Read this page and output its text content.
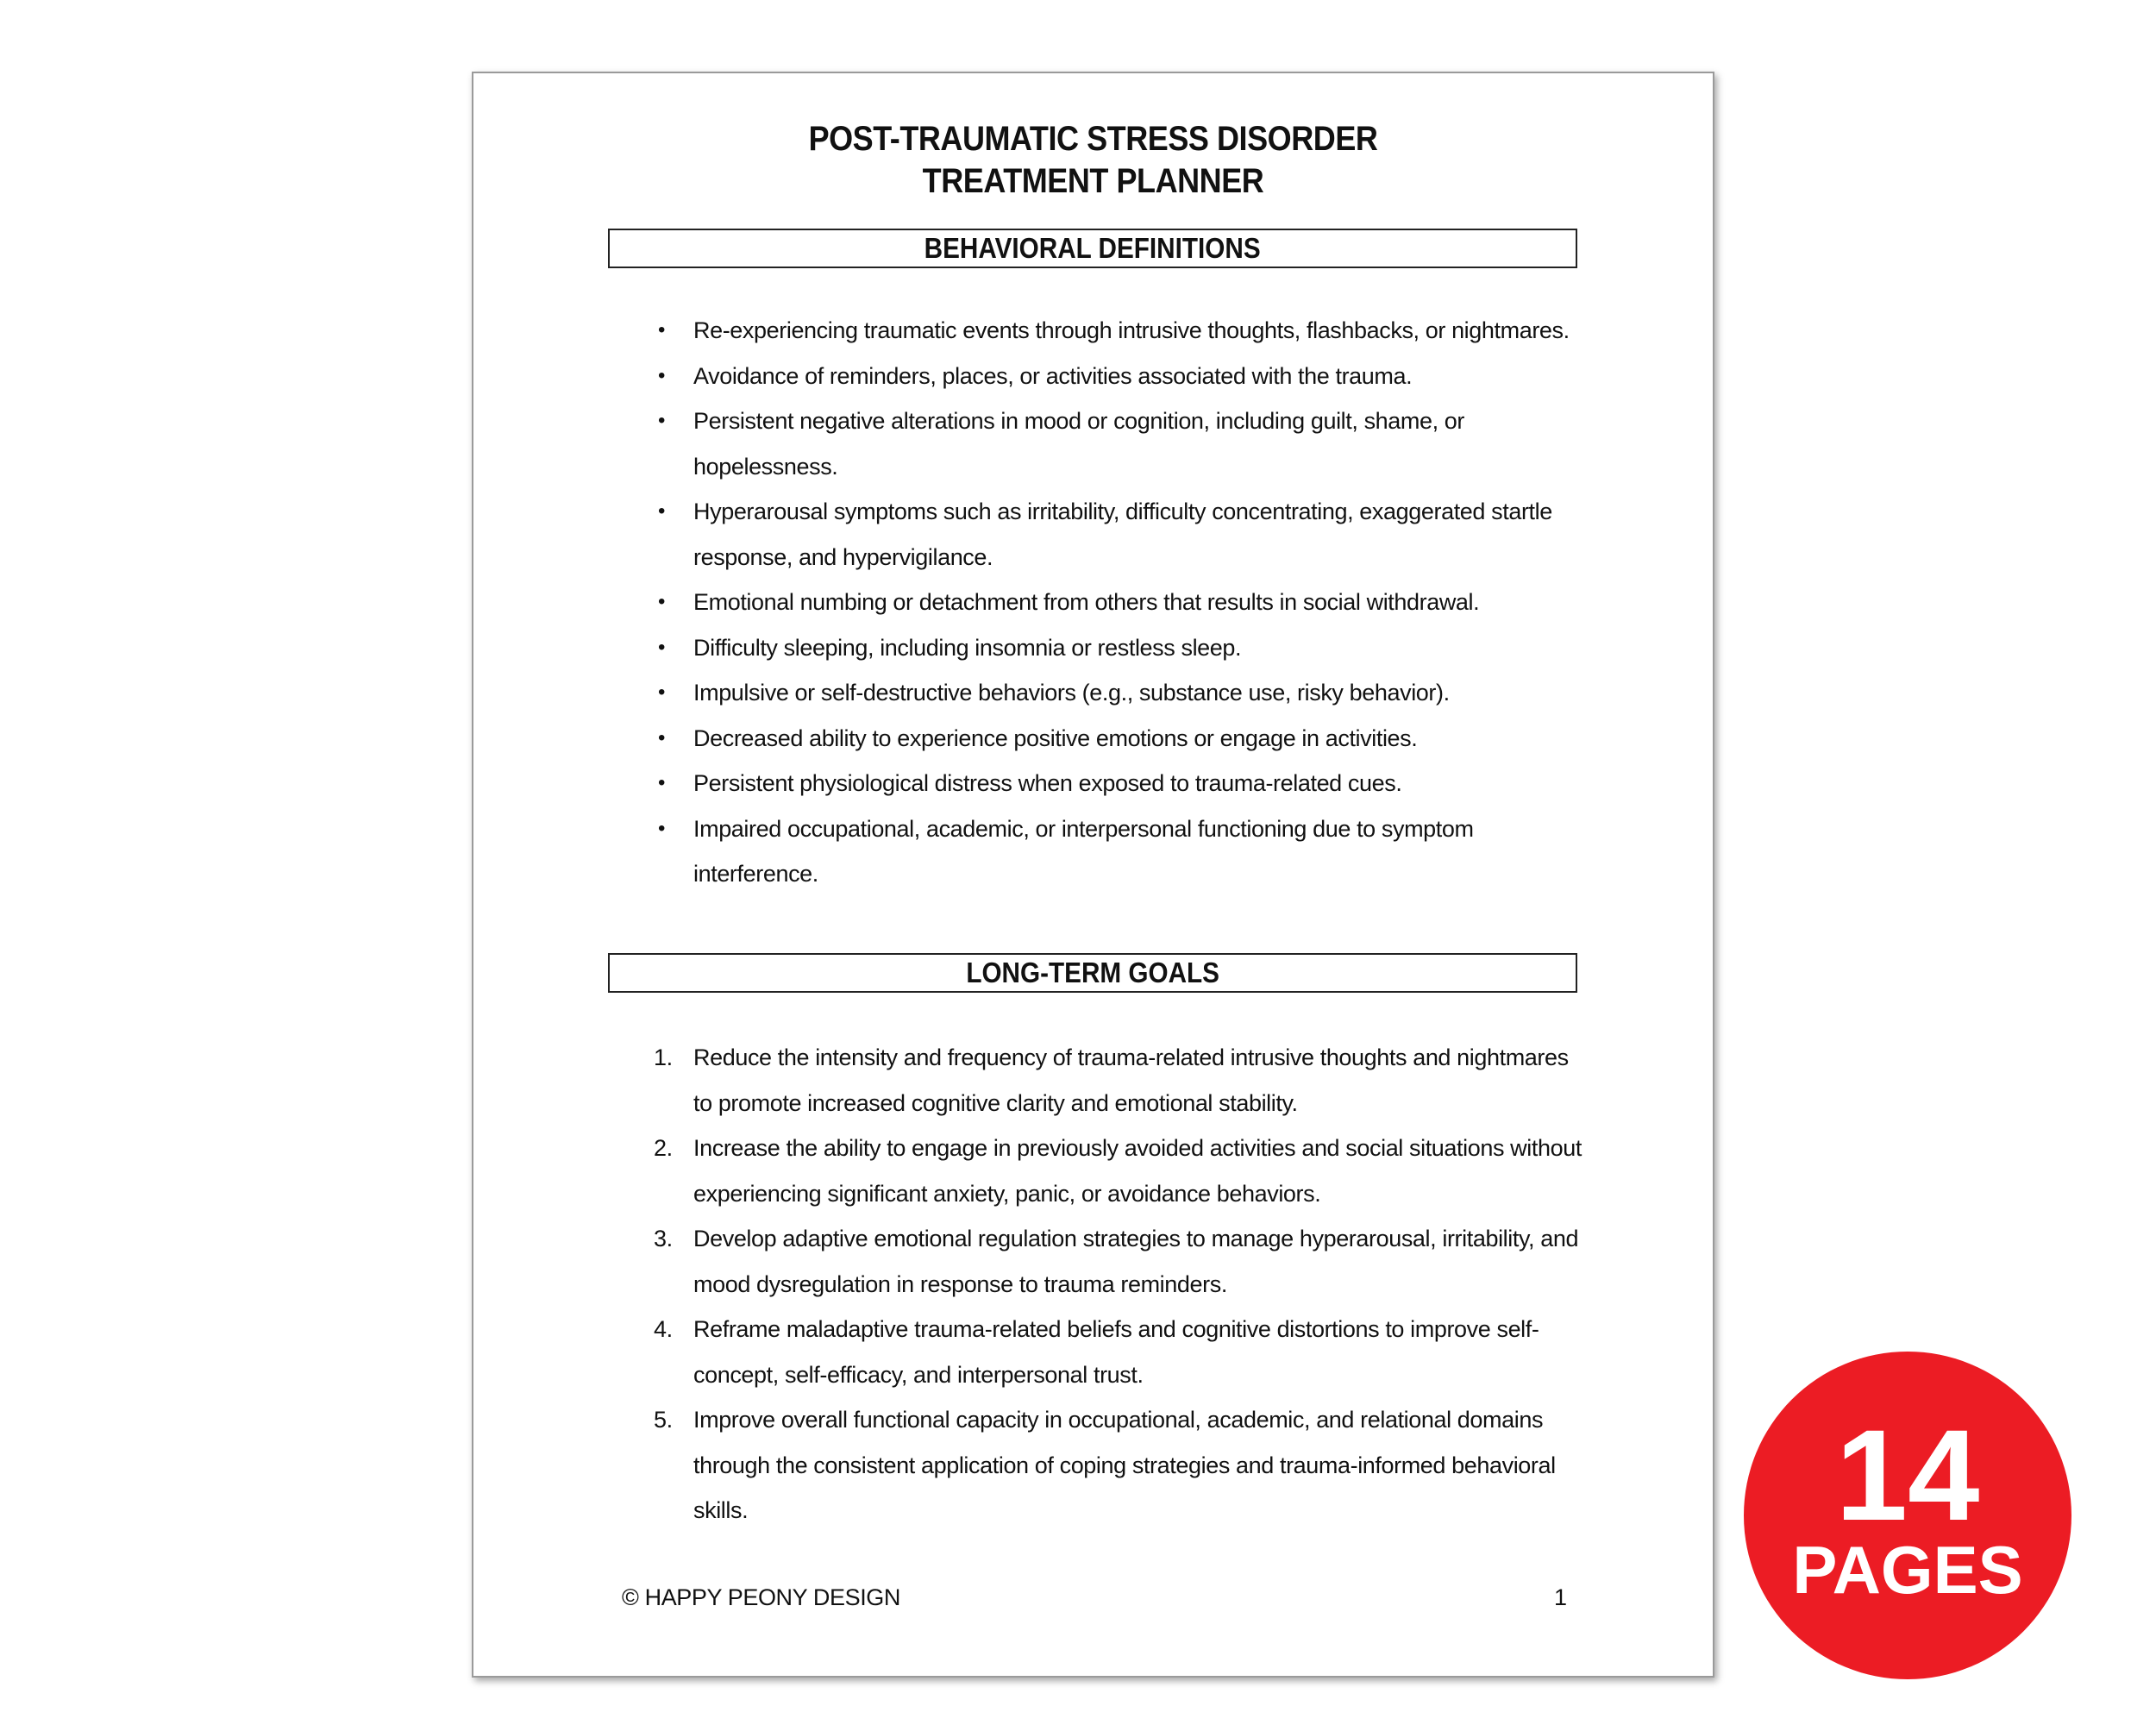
POST-TRAUMATIC STRESS DISORDER
TREATMENT PLANNER
BEHAVIORAL DEFINITIONS
•	Re-experiencing traumatic events through intrusive thoughts, flashbacks, or nightmares.
•	Avoidance of reminders, places, or activities associated with the trauma.
•	Persistent negative alterations in mood or cognition, including guilt, shame, or hopelessness.
•	Hyperarousal symptoms such as irritability, difficulty concentrating, exaggerated startle response, and hypervigilance.
•	Emotional numbing or detachment from others that results in social withdrawal.
•	Difficulty sleeping, including insomnia or restless sleep.
•	Impulsive or self-destructive behaviors (e.g., substance use, risky behavior).
•	Decreased ability to experience positive emotions or engage in activities.
•	Persistent physiological distress when exposed to trauma-related cues.
•	Impaired occupational, academic, or interpersonal functioning due to symptom interference.
LONG-TERM GOALS
1. Reduce the intensity and frequency of trauma-related intrusive thoughts and nightmares to promote increased cognitive clarity and emotional stability.
2. Increase the ability to engage in previously avoided activities and social situations without experiencing significant anxiety, panic, or avoidance behaviors.
3. Develop adaptive emotional regulation strategies to manage hyperarousal, irritability, and mood dysregulation in response to trauma reminders.
4. Reframe maladaptive trauma-related beliefs and cognitive distortions to improve self-concept, self-efficacy, and interpersonal trust.
5. Improve overall functional capacity in occupational, academic, and relational domains through the consistent application of coping strategies and trauma-informed behavioral skills.
© HAPPY PEONY DESIGN	1
14
PAGES
